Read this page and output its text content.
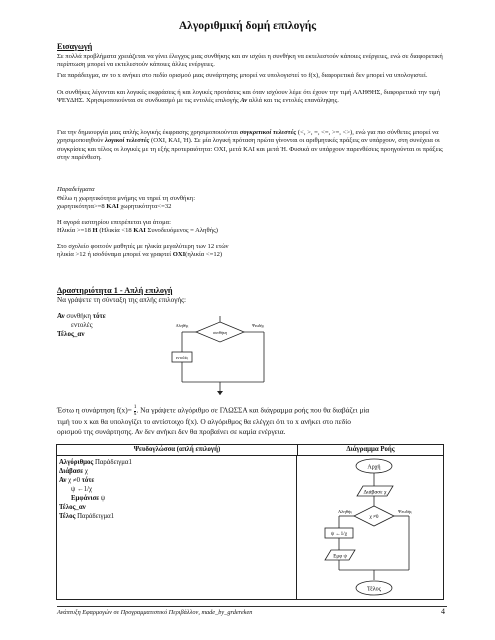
Αλγοριθμική δομή επιλογής
Εισαγωγή
Σε πολλά προβλήματα χρειάζεται να γίνει έλεγχος μιας συνθήκης και αν ισχύει η συνθήκη να εκτελεστούν κάποιες ενέργειες, ενώ σε διαφορετική περίπτωση μπορεί να εκτελεστούν κάποιες άλλες ενέργειες.
Για παράδειγμα, αν το x ανήκει στο πεδίο ορισμού μιας συνάρτησης μπορεί να υπολογιστεί το f(x), διαφορετικά δεν μπορεί να υπολογιστεί.
Οι συνθήκες λέγονται και λογικές εκφράσεις ή και λογικές προτάσεις και όταν ισχύουν λέμε ότι έχουν την τιμή ΑΛΗΘΗΣ, διαφορετικά την τιμή ΨΕΥΔΗΣ. Χρησιμοποιούνται σε συνδυασμό με τις εντολές επιλογής Αν αλλά και τις εντολές επανάληψης.
Για την δημιουργία μιας απλής λογικής έκφρασης χρησιμοποιούνται συγκριτικοί τελεστές (<, >, =, <=, >=, <>), ενώ για πιο σύνθετες μπορεί να χρησιμοποιηθούν λογικοί τελεστές (ΟΧΙ, ΚΑΙ, Ή). Σε μία λογική πρόταση πρώτα γίνονται οι αριθμητικές πράξεις αν υπάρχουν, στη συνέχεια οι συγκρίσεις και τέλος οι λογικές με τη εξής προτεραιότητα: ΟΧΙ, μετά ΚΑΙ και μετά Ή. Φυσικά αν υπάρχουν παρενθέσεις προηγούνται οι πράξεις στην παρένθεση.
Παραδείγματα
Θέλω η χωρητικότητα μνήμης να τηρεί τη συνθήκη:
χωρητικότητα>=8 ΚΑΙ χωρητικότητα<=32
Η αγορά εισιτηρίου επιτρέπεται για άτομα:
Ηλικία >=18 Η (Ηλικία <18 ΚΑΙ Συνοδευόμενος = Αληθής)
Στο σχολείο φοιτούν μαθητές με ηλικία μεγαλύτερη των 12 ετών
ηλικία >12 ή ισοδύναμα μπορεί να γραφτεί ΟΧΙ(ηλικία <=12)
Δραστηριότητα 1 - Απλή επιλογή
Να γράψετε τη σύνταξη της απλής επιλογής:
Αν συνθήκη τότε
εντολές
Τέλος_αν	συνθήκη
Αληθής	Ψευδής
εντολές
Έστω η συνάρτηση $f(x)= \frac{1}{x}$ . Να γράψετε αλγόριθμο σε ΓΛΩΣΣΑ και διάγραμμα ροής που θα διαβάζει μία
τιμή του x και θα υπολογίζει το αντίστοιχο f(x). Ο αλγόριθμος θα ελέγχει ότι το x ανήκει στο πεδίο
ορισμού της συνάρτησης. Αν δεν ανήκει δεν θα προβαίνει σε καμία ενέργεια.
Ψευδογλώσσα (απλή επιλογή)	Διάγραμμα Ροής
Αλγόριθμος Παράδειγμα1
Διάβασε χ
Αν χ ≠0 τότε
ψ ←1/χ
Εμφάνισε ψ
Τέλος_αν
Τέλος Παράδειγμα1
Αρχή
Διάβασε χ
χ ≠0
Αληθής	Ψευδής
ψ ←1/χ
Εμφ ψ
Τέλος
Ανάπτυξη Εφαρμογών σε Προγραμματιστικό Περιβάλλον, made_by_grdereken	4
